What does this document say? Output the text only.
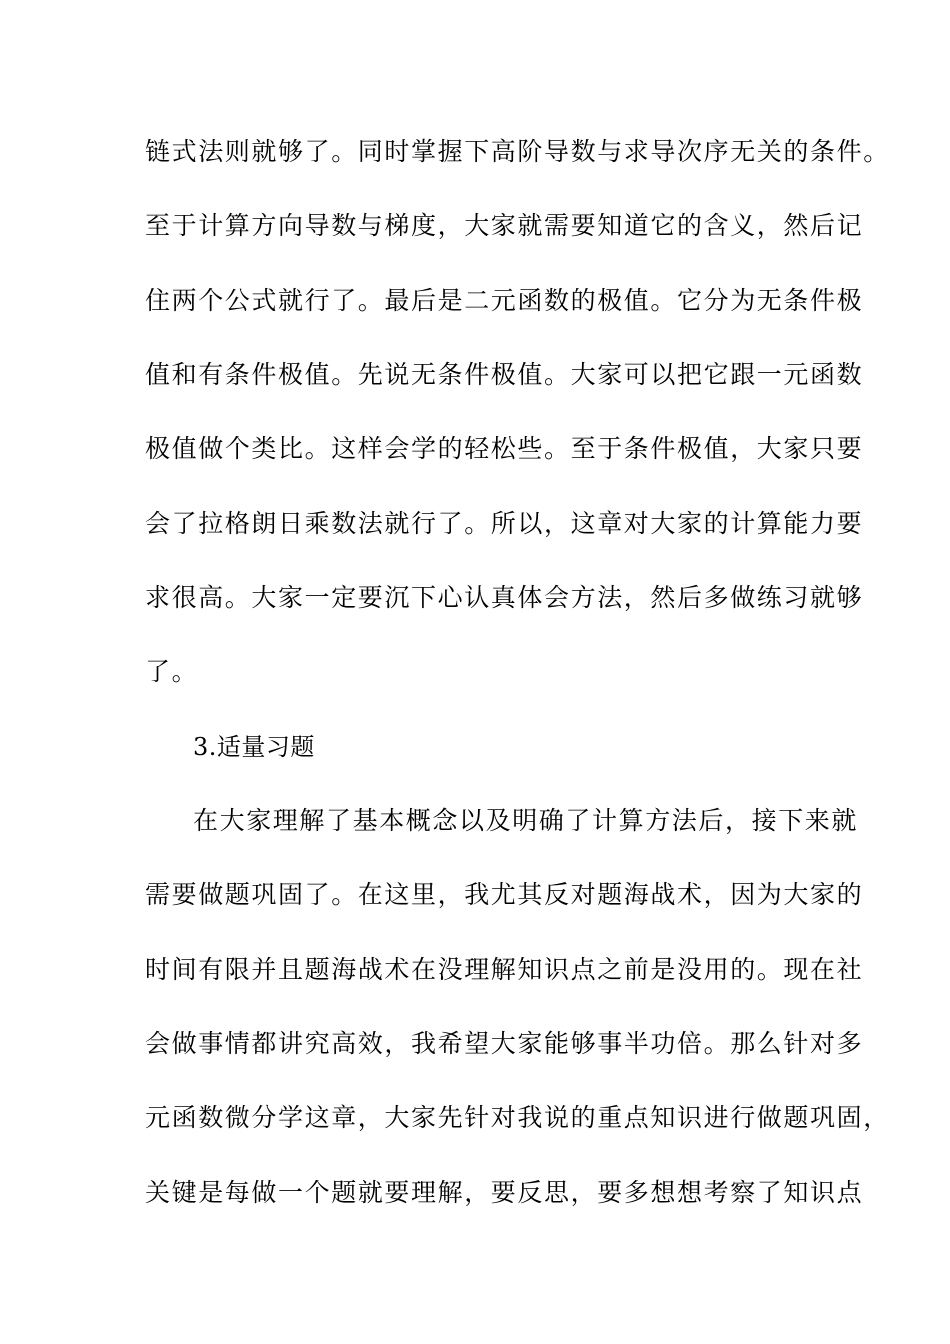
链式法则就够了。同时掌握下高阶导数与求导次序无关的条件。
至于计算方向导数与梯度，大家就需要知道它的含义，然后记
住两个公式就行了。最后是二元函数的极值。它分为无条件极
值和有条件极值。先说无条件极值。大家可以把它跟一元函数
极值做个类比。这样会学的轻松些。至于条件极值，大家只要
会了拉格朗日乘数法就行了。所以，这章对大家的计算能力要
求很高。大家一定要沉下心认真体会方法，然后多做练习就够
了。
3.适量习题
在大家理解了基本概念以及明确了计算方法后，接下来就
需要做题巩固了。在这里，我尤其反对题海战术，因为大家的
时间有限并且题海战术在没理解知识点之前是没用的。现在社
会做事情都讲究高效，我希望大家能够事半功倍。那么针对多
元函数微分学这章，大家先针对我说的重点知识进行做题巩固，
关键是每做一个题就要理解，要反思，要多想想考察了知识点
